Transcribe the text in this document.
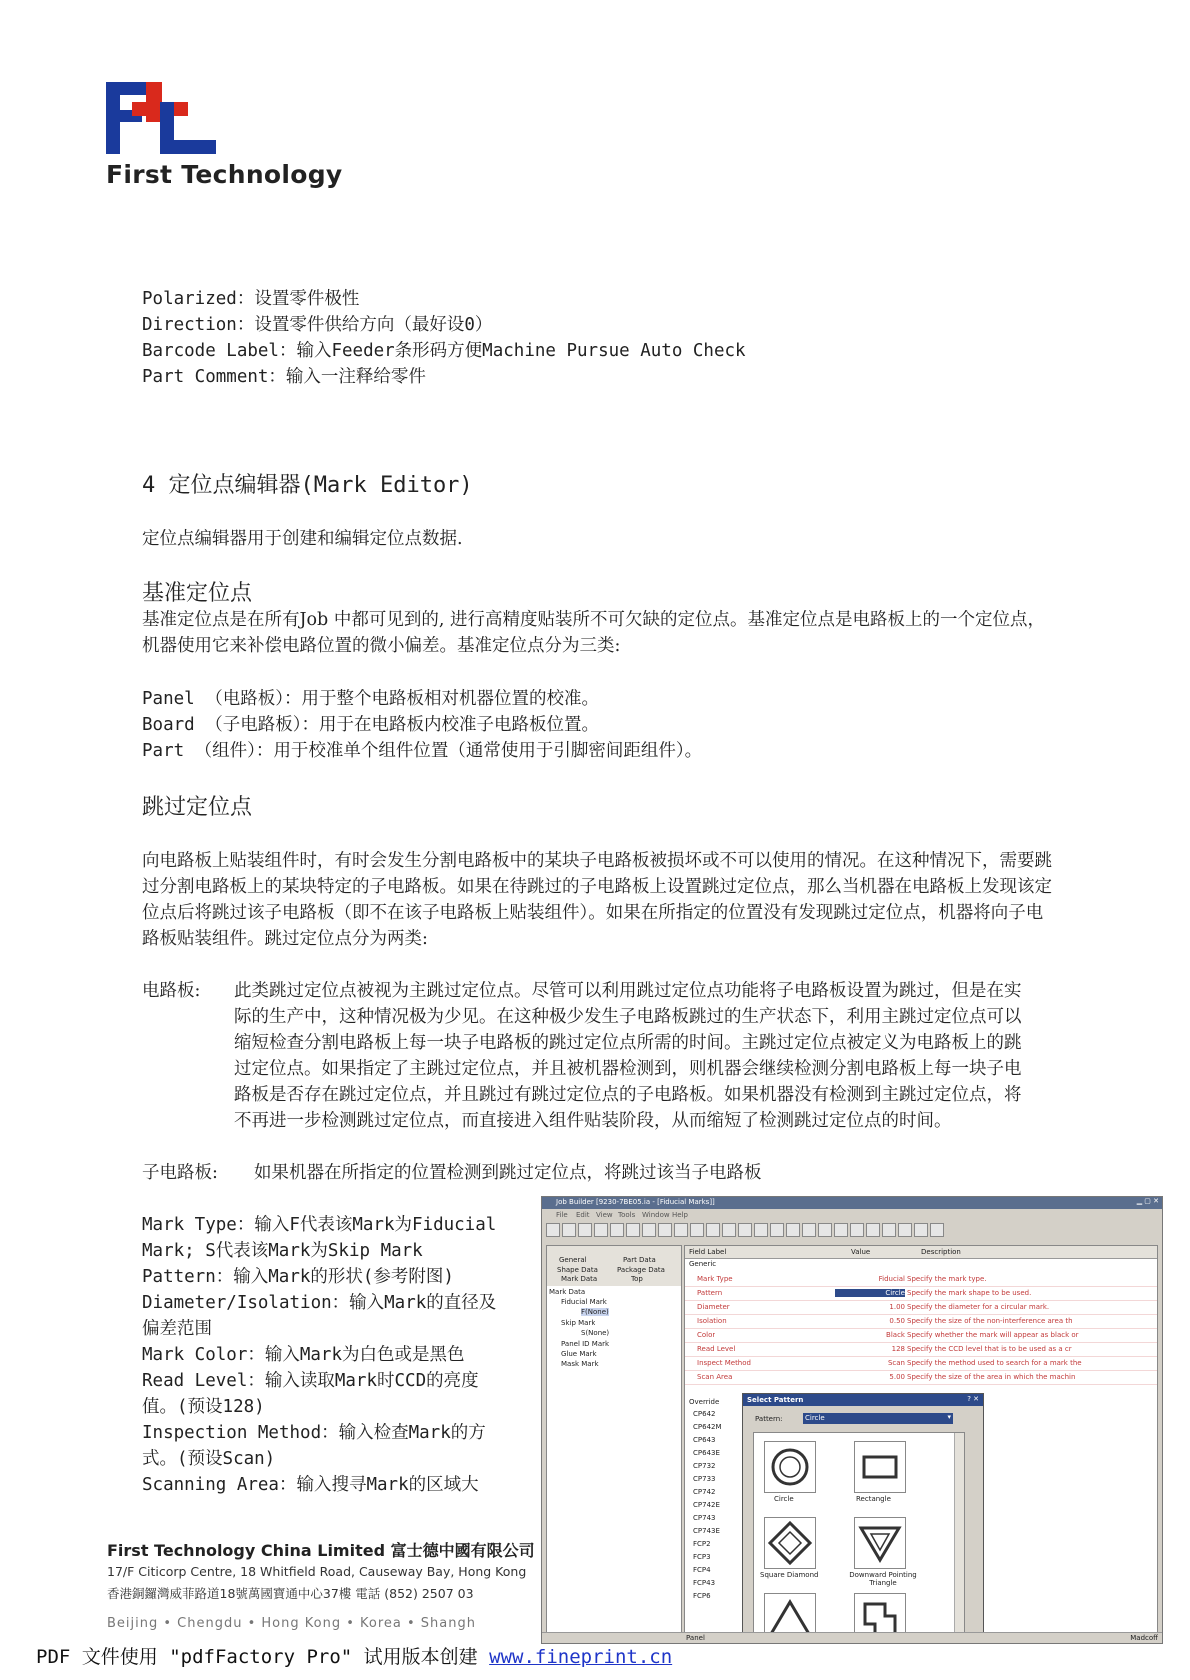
First Technology
Polarized：设置零件极性
Direction：设置零件供给方向（最好设0）
Barcode Label：输入Feeder条形码方便Machine Pursue Auto Check
Part Comment：输入一注释给零件
4 定位点编辑器(Mark Editor)
定位点编辑器用于创建和编辑定位点数据.
基准定位点
基准定位点是在所有Job 中都可见到的, 进行高精度贴装所不可欠缺的定位点。基准定位点是电路板上的一个定位点，机器使用它来补偿电路位置的微小偏差。基准定位点分为三类:
Panel （电路板）：用于整个电路板相对机器位置的校准。
Board （子电路板）：用于在电路板内校准子电路板位置。
Part （组件）：用于校准单个组件位置（通常使用于引脚密间距组件）。
跳过定位点
向电路板上贴装组件时，有时会发生分割电路板中的某块子电路板被损坏或不可以使用的情况。在这种情况下，需要跳过分割电路板上的某块特定的子电路板。如果在待跳过的子电路板上设置跳过定位点，那么当机器在电路板上发现该定位点后将跳过该子电路板（即不在该子电路板上贴装组件）。如果在所指定的位置没有发现跳过定位点，机器将向子电路板贴装组件。跳过定位点分为两类:
电路板: 此类跳过定位点被视为主跳过定位点。尽管可以利用跳过定位点功能将子电路板设置为跳过，但是在实际的生产中，这种情况极为少见。在这种极少发生子电路板跳过的生产状态下，利用主跳过定位点可以缩短检查分割电路板上每一块子电路板的跳过定位点所需的时间。主跳过定位点被定义为电路板上的跳过定位点。如果指定了主跳过定位点，并且被机器检测到，则机器会继续检测分割电路板上每一块子电路板是否存在跳过定位点，并且跳过有跳过定位点的子电路板。如果机器没有检测到主跳过定位点，将不再进一步检测跳过定位点，而直接进入组件贴装阶段，从而缩短了检测跳过定位点的时间。
子电路板: 如果机器在所指定的位置检测到跳过定位点，将跳过该当子电路板
Mark Type：输入F代表该Mark为Fiducial Mark; S代表该Mark为Skip Mark
Pattern：输入Mark的形状(参考附图)
Diameter/Isolation：输入Mark的直径及偏差范围
Mark Color：输入Mark为白色或是黑色
Read Level：输入读取Mark时CCD的亮度值。(预设128)
Inspection Method：输入检查Mark的方式。(预设Scan)
Scanning Area：输入搜寻Mark的区域大
Job Builder [9230-7BE05.ia - [Fiducial Marks]]	▁ ▢ ✕
File Edit View Tools Window Help
General	Part Data
Shape Data	Package Data
Mark Data	Top
Mark Data
Fiducial Mark
F(None)
Skip Mark
S(None)
Panel ID Mark
Glue Mark
Mask Mark
Field Label	Value	Description
Generic
Mark Type	Fiducial Specify the mark type.
Pattern	Circle Specify the mark shape to be used.
Diameter	1.00 Specify the diameter for a circular mark.
Isolation	0.50 Specify the size of the non-interference area th
Color	Black Specify whether the mark will appear as black or
Read Level	128 Specify the CCD level that is to be used as a cr
Inspect Method	Scan Specify the method used to search for a mark the
Scan Area	5.00 Specify the size of the area in which the machin
Override
CP642
CP642M
CP643
CP643E
CP732
CP733
CP742
CP742E
CP743
CP743E
FCP2
FCP3
FCP4
FCP43
FCP6
Select Pattern	? ✕
Pattern:	Circle	▾
Circle	Rectangle
Square Diamond	Downward Pointing Triangle
Panel	Madcoff
First Technology China Limited 富士德中國有限公司
17/F Citicorp Centre, 18 Whitfield Road, Causeway Bay, Hong Kong
香港銅鑼灣威菲路道18號萬國寶通中心37樓 電話 (852) 2507 03
Beijing • Chengdu • Hong Kong • Korea • Shangh
PDF 文件使用 "pdfFactory Pro" 试用版本创建 www.fineprint.cn
